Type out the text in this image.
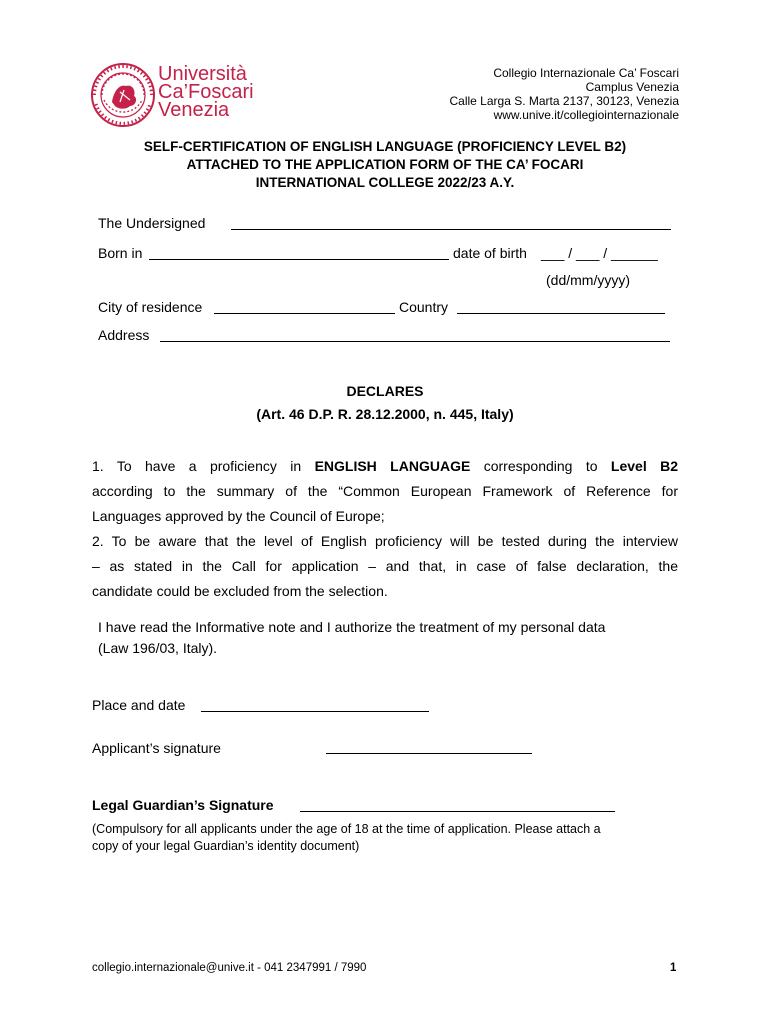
Università
Ca’Foscari
Venezia
Collegio Internazionale Ca’ Foscari
Camplus Venezia
Calle Larga S. Marta 2137, 30123, Venezia
www.unive.it/collegiointernazionale
SELF-CERTIFICATION OF ENGLISH LANGUAGE (PROFICIENCY LEVEL B2)
ATTACHED TO THE APPLICATION FORM OF THE CA’ FOCARI
INTERNATIONAL COLLEGE 2022/23 A.Y.
The Undersigned
Born in	date of birth ___ / ___ / ______
(dd/mm/yyyy)
City of residence	Country
Address
DECLARES
(Art. 46 D.P. R. 28.12.2000, n. 445, Italy)
1. To have a proficiency in ENGLISH LANGUAGE corresponding to Level B2
according to the summary of the “Common European Framework of Reference for
Languages approved by the Council of Europe;
2. To be aware that the level of English proficiency will be tested during the interview
– as stated in the Call for application – and that, in case of false declaration, the
candidate could be excluded from the selection.
I have read the Informative note and I authorize the treatment of my personal data
(Law 196/03, Italy).
Place and date
Applicant’s signature
Legal Guardian’s Signature
(Compulsory for all applicants under the age of 18 at the time of application. Please attach a
copy of your legal Guardian’s identity document)
collegio.internazionale@unive.it - 041 2347991 / 7990	1
